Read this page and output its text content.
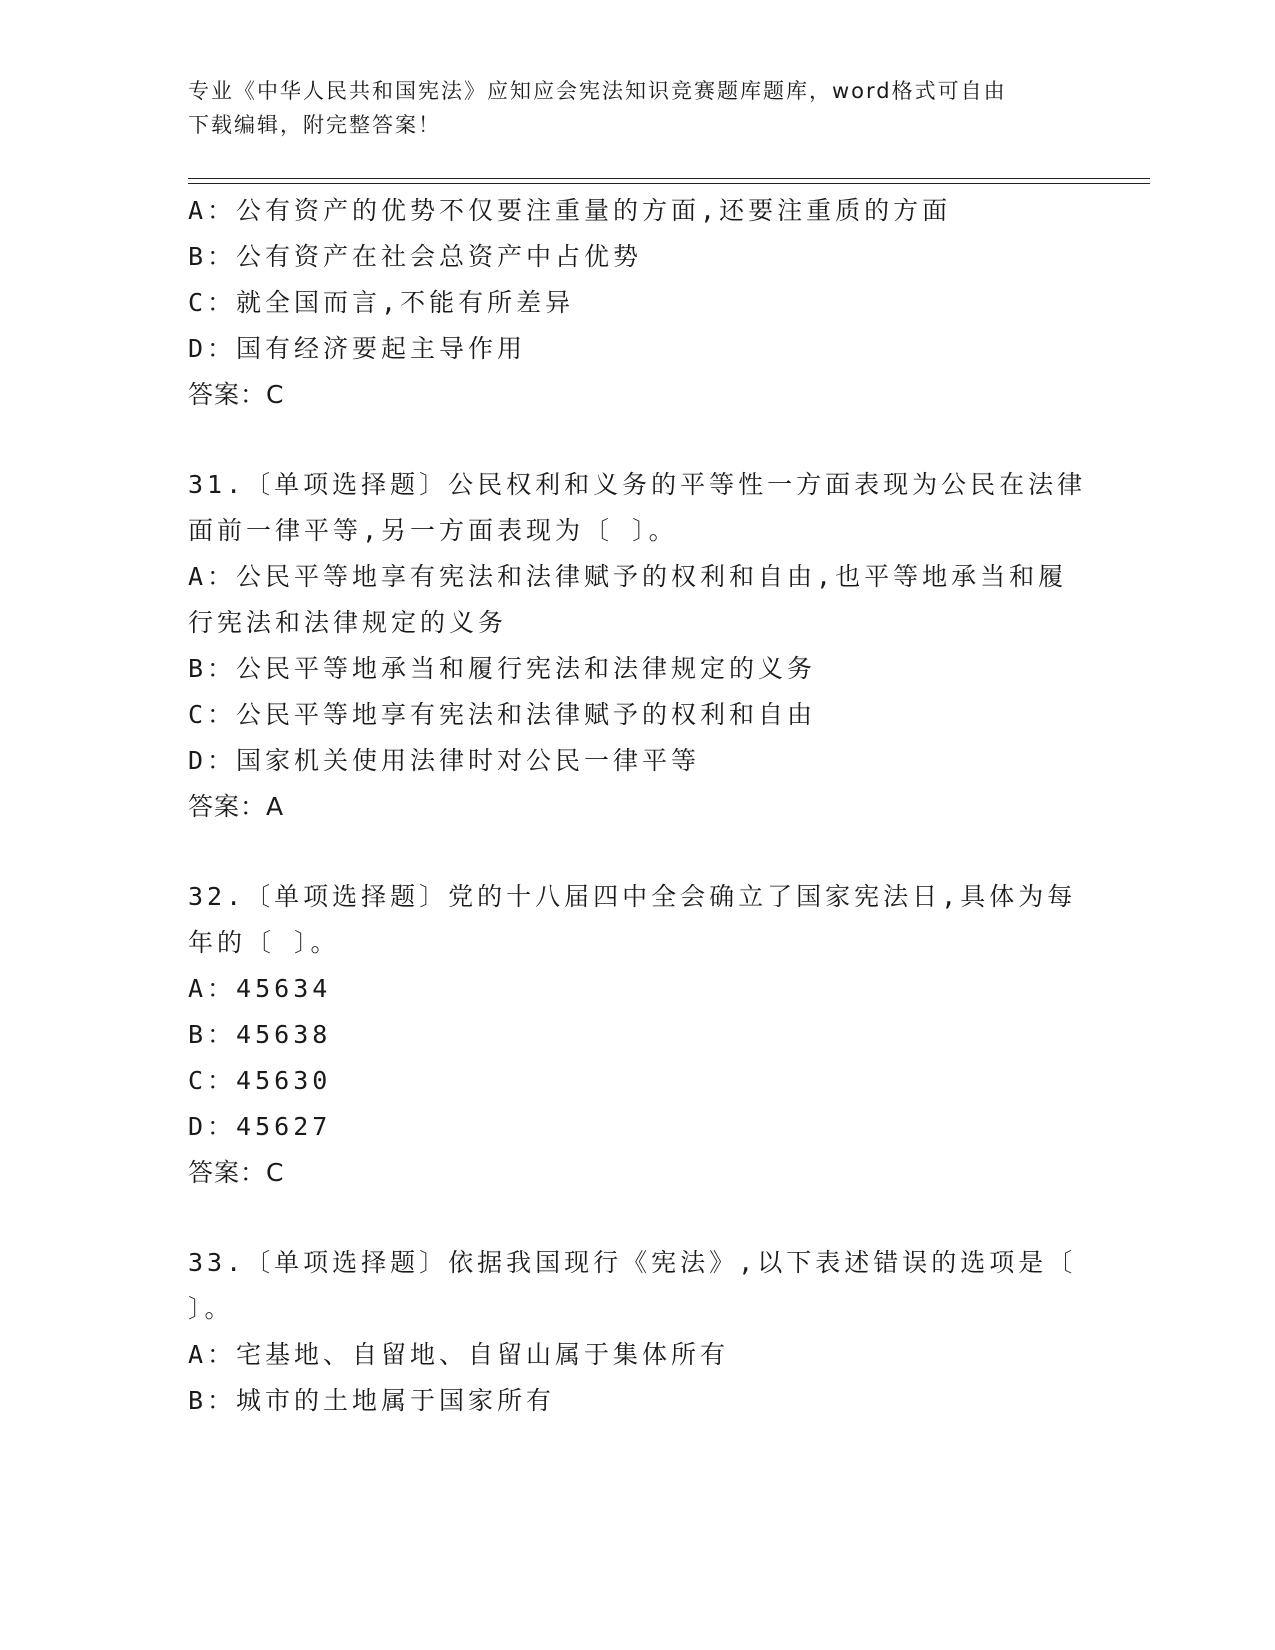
专业《中华人民共和国宪法》应知应会宪法知识竞赛题库题库，word格式可自由
下载编辑，附完整答案！
A：公有资产的优势不仅要注重量的方面,还要注重质的方面
B：公有资产在社会总资产中占优势
C：就全国而言,不能有所差异
D：国有经济要起主导作用
答案：C
31.〔单项选择题〕公民权利和义务的平等性一方面表现为公民在法律
面前一律平等,另一方面表现为〔 〕。
A：公民平等地享有宪法和法律赋予的权利和自由,也平等地承当和履
行宪法和法律规定的义务
B：公民平等地承当和履行宪法和法律规定的义务
C：公民平等地享有宪法和法律赋予的权利和自由
D：国家机关使用法律时对公民一律平等
答案：A
32.〔单项选择题〕党的十八届四中全会确立了国家宪法日,具体为每
年的〔 〕。
A：45634
B：45638
C：45630
D：45627
答案：C
33.〔单项选择题〕依据我国现行《宪法》,以下表述错误的选项是〔
〕。
A：宅基地、自留地、自留山属于集体所有
B：城市的土地属于国家所有
